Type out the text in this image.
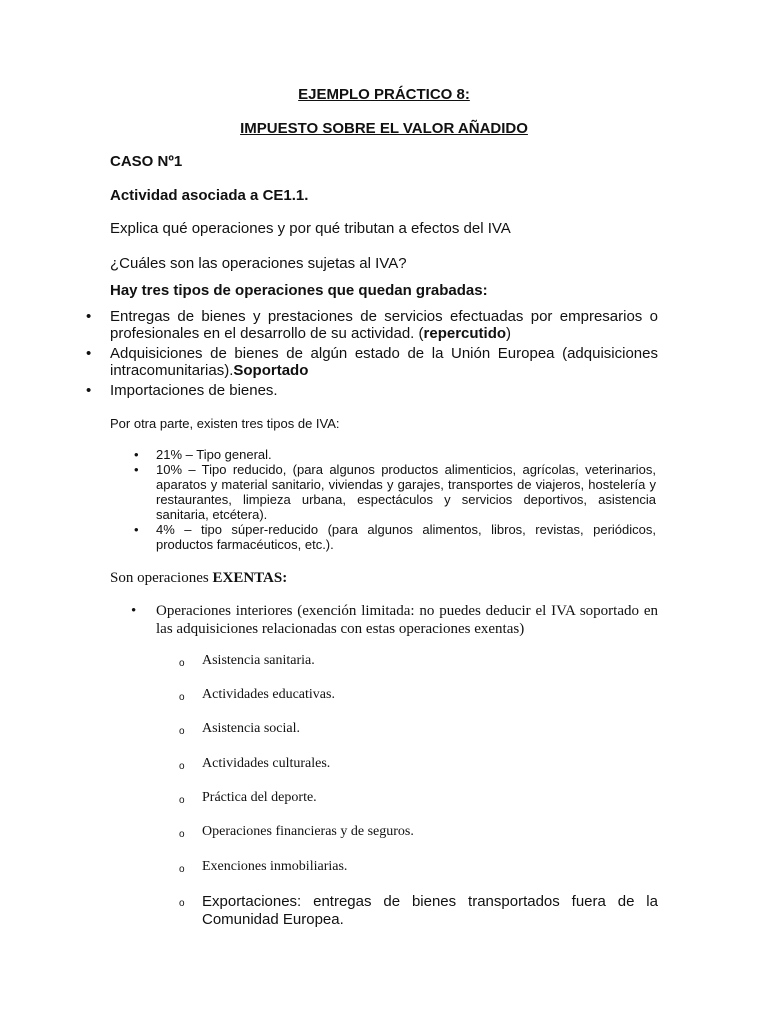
EJEMPLO PRÁCTICO 8:
IMPUESTO SOBRE EL VALOR AÑADIDO
CASO Nº1
Actividad asociada a CE1.1.
Explica qué operaciones y por qué tributan a efectos del IVA
¿Cuáles son las operaciones sujetas al IVA?
Hay tres tipos de operaciones que quedan grabadas:
• Entregas de bienes y prestaciones de servicios efectuadas por empresarios o profesionales en el desarrollo de su actividad. (repercutido)
• Adquisiciones de bienes de algún estado de la Unión Europea (adquisiciones intracomunitarias).Soportado
• Importaciones de bienes.
Por otra parte, existen tres tipos de IVA:
• 21% – Tipo general.
• 10% – Tipo reducido, (para algunos productos alimenticios, agrícolas, veterinarios, aparatos y material sanitario, viviendas y garajes, transportes de viajeros, hostelería y restaurantes, limpieza urbana, espectáculos y servicios deportivos, asistencia sanitaria, etcétera).
• 4% – tipo súper-reducido (para algunos alimentos, libros, revistas, periódicos, productos farmacéuticos, etc.).
Son operaciones EXENTAS:
• Operaciones interiores (exención limitada: no puedes deducir el IVA soportado en las adquisiciones relacionadas con estas operaciones exentas)
o Asistencia sanitaria.
o Actividades educativas.
o Asistencia social.
o Actividades culturales.
o Práctica del deporte.
o Operaciones financieras y de seguros.
o Exenciones inmobiliarias.
o Exportaciones: entregas de bienes transportados fuera de la Comunidad Europea.
